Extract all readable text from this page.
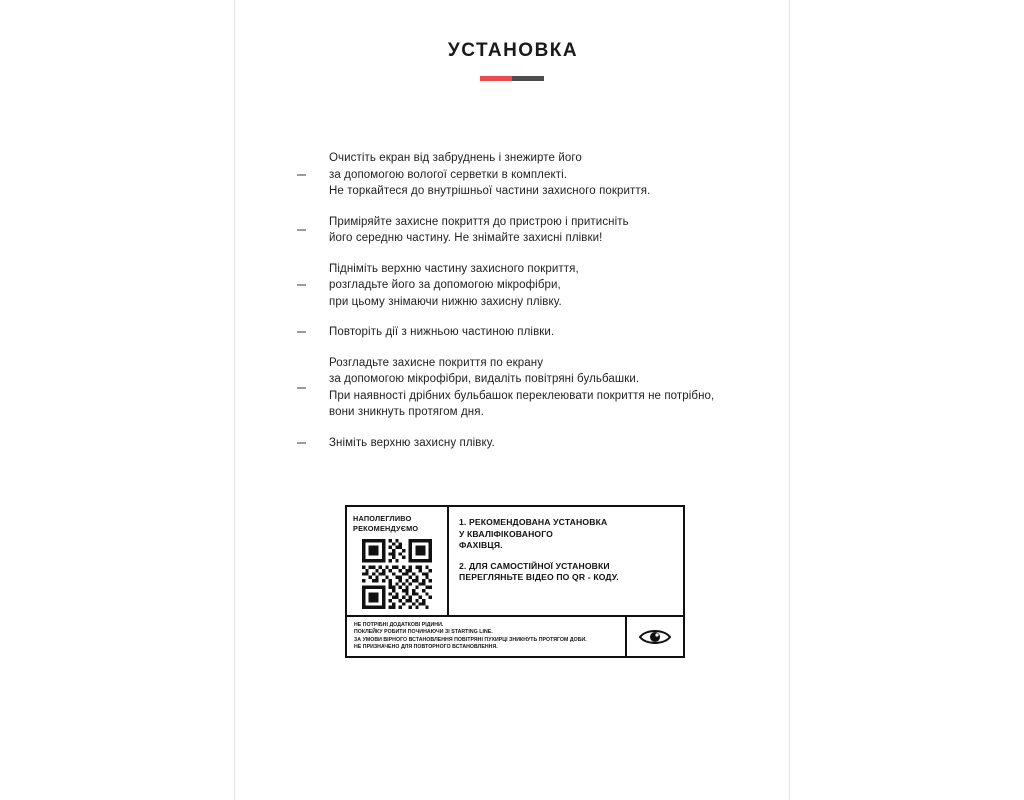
УСТАНОВКА
Очистіть екран від забруднень і знежирте його
за допомогою вологої серветки в комплекті.
Не торкайтеся до внутрішньої частини захисного покриття.
Приміряйте захисне покриття до пристрою і притисніть
його середню частину. Не знімайте захисні плівки!
Підніміть верхню частину захисного покриття,
розгладьте його за допомогою мікрофібри,
при цьому знімаючи нижню захисну плівку.
Повторіть дії з нижньою частиною плівки.
Розгладьте захисне покриття по екрану
за допомогою мікрофібри, видаліть повітряні бульбашки.
При наявності дрібних бульбашок переклеювати покриття не потрібно,
вони зникнуть протягом дня.
Зніміть верхню захисну плівку.
НАПОЛЕГЛИВО
РЕКОМЕНДУЄМО
1. РЕКОМЕНДОВАНА УСТАНОВКА
У КВАЛІФІКОВАНОГО
ФАХІВЦЯ.
2. ДЛЯ САМОСТІЙНОЇ УСТАНОВКИ
ПЕРЕГЛЯНЬТЕ ВІДЕО ПО QR - КОДУ.
НЕ ПОТРІБНІ ДОДАТКОВІ РІДИНИ.
ПОКЛЕЙКУ РОБИТИ ПОЧИНАЮЧИ ЗІ STARTING LINE.
ЗА УМОВИ ВІРНОГО ВСТАНОВЛЕННЯ ПОВІТРЯНІ ПУХИРЦІ ЗНИКНУТЬ ПРОТЯГОМ ДОБИ.
НЕ ПРИЗНАЧЕНО ДЛЯ ПОВТОРНОГО ВСТАНОВЛЕННЯ.
